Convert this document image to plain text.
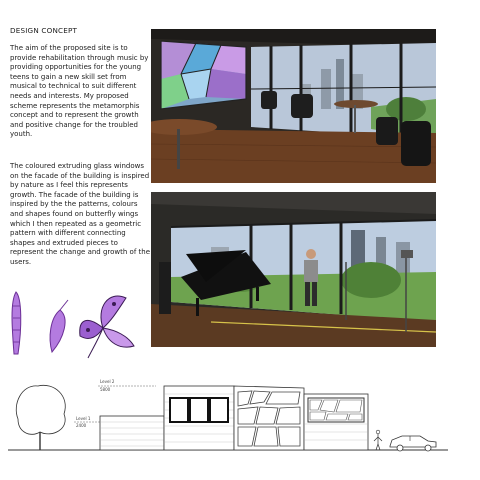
DESIGN CONCEPT

The aim of the proposed site is to provide rehabilitation through music by providing opportunities for the young teens to gain a new skill set from musical to technical to suit different needs and interests. My proposed scheme represents the metamorphis concept and to represent the growth and positive change for the troubled youth.

The coloured extruding glass windows on the facade of the building is inspired by nature as I feel this represents growth. The facade of the building is inspired by the the patterns, colours and shapes found on butterfly wings which I then repeated as a geometric pattern with different connecting shapes and extruded pieces to represent the change and growth of the users.

Level 2
5800
Level 1
2400
